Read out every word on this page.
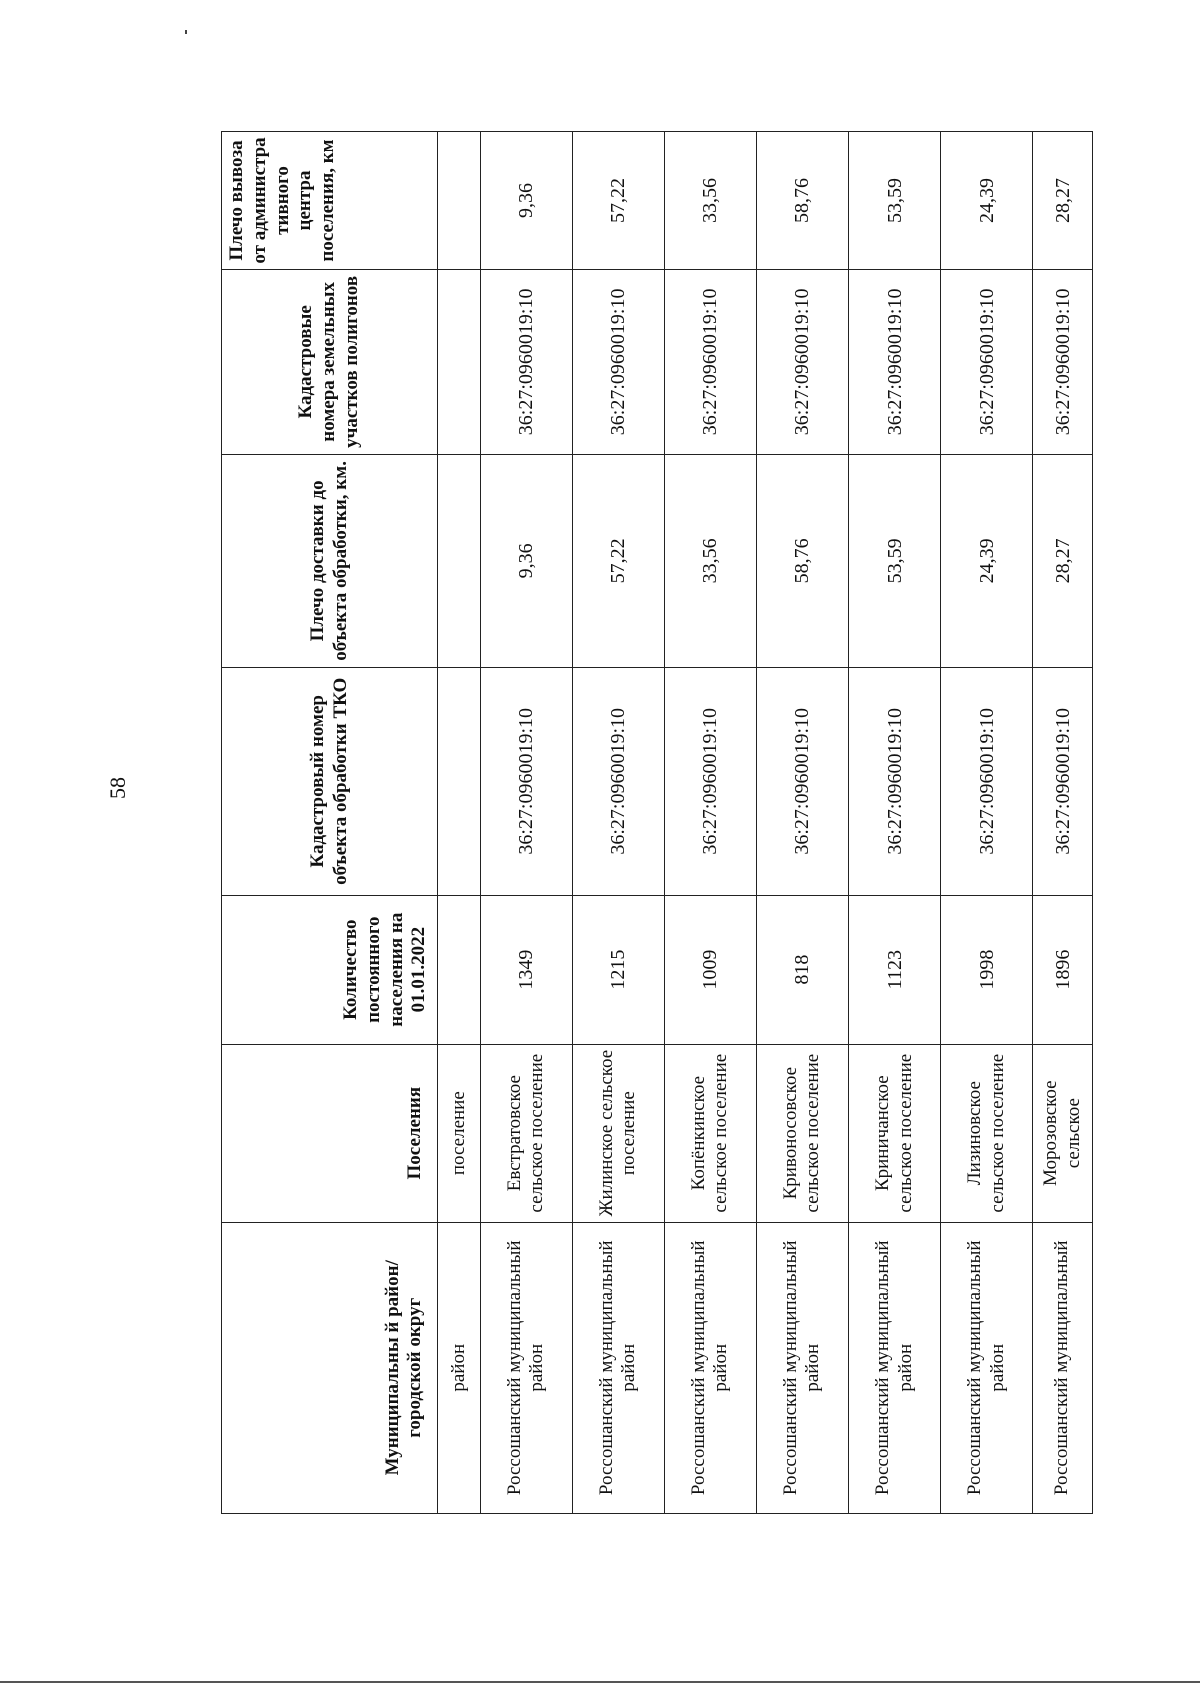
58
Муниципальны й район/ городской округ	Поселения	Количество постоянного населения на 01.01.2022	Кадастровый номер объекта обработки ТКО	Плечо доставки до объекта обработки, км.	Кадастровые номера земельных участков полигонов	Плечо вывоза от администра тивного центра поселения, км
район	поселение					
Россошанский муниципальный район	Евстратовское сельское поселение	1349	36:27:0960019:10	9,36	36:27:0960019:10	9,36
Россошанский муниципальный район	Жилинское сельское поселение	1215	36:27:0960019:10	57,22	36:27:0960019:10	57,22
Россошанский муниципальный район	Копёнкинское сельское поселение	1009	36:27:0960019:10	33,56	36:27:0960019:10	33,56
Россошанский муниципальный район	Кривоносовское сельское поселение	818	36:27:0960019:10	58,76	36:27:0960019:10	58,76
Россошанский муниципальный район	Криничанское сельское поселение	1123	36:27:0960019:10	53,59	36:27:0960019:10	53,59
Россошанский муниципальный район	Лизиновское сельское поселение	1998	36:27:0960019:10	24,39	36:27:0960019:10	24,39
Россошанский муниципальный	Морозовское сельское	1896	36:27:0960019:10	28,27	36:27:0960019:10	28,27
